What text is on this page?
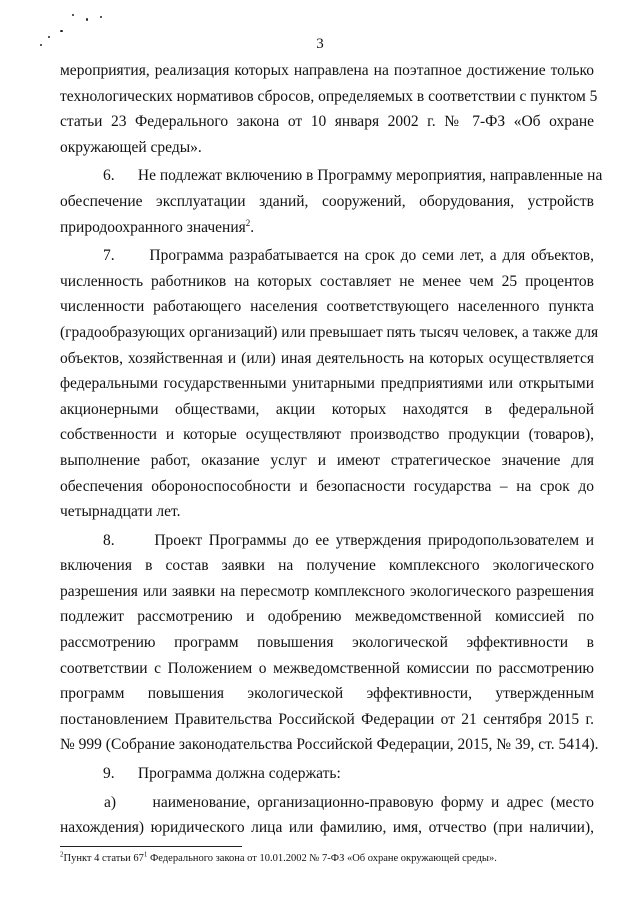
3
мероприятия, реализация которых направлена на поэтапное достижение только
технологических нормативов сбросов, определяемых в соответствии с пунктом 5
статьи 23 Федерального закона от 10 января 2002 г. № 7-ФЗ «Об охране
окружающей среды».
6.      Не подлежат включению в Программу мероприятия, направленные на
обеспечение эксплуатации зданий, сооружений, оборудования, устройств
природоохранного значения$^2$.
7.      Программа разрабатывается на срок до семи лет, а для объектов,
численность работников на которых составляет не менее чем 25 процентов
численности работающего населения соответствующего населенного пункта
(градообразующих организаций) или превышает пять тысяч человек, а также для
объектов, хозяйственная и (или) иная деятельность на которых осуществляется
федеральными государственными унитарными предприятиями или открытыми
акционерными обществами, акции которых находятся в федеральной
собственности и которые осуществляют производство продукции (товаров),
выполнение работ, оказание услуг и имеют стратегическое значение для
обеспечения обороноспособности и безопасности государства – на срок до
четырнадцати лет.
8.      Проект Программы до ее утверждения природопользователем и
включения в состав заявки на получение комплексного экологического
разрешения или заявки на пересмотр комплексного экологического разрешения
подлежит рассмотрению и одобрению межведомственной комиссией по
рассмотрению программ повышения экологической эффективности в
соответствии с Положением о межведомственной комиссии по рассмотрению
программ повышения экологической эффективности, утвержденным
постановлением Правительства Российской Федерации от 21 сентября 2015 г.
№ 999 (Собрание законодательства Российской Федерации, 2015, № 39, ст. 5414).
9.      Программа должна содержать:
а)     наименование, организационно-правовую форму и адрес (место
нахождения) юридического лица или фамилию, имя, отчество (при наличии),
$^2$Пункт 4 статьи $67^1$ Федерального закона от 10.01.2002 № 7-ФЗ «Об охране окружающей среды».
